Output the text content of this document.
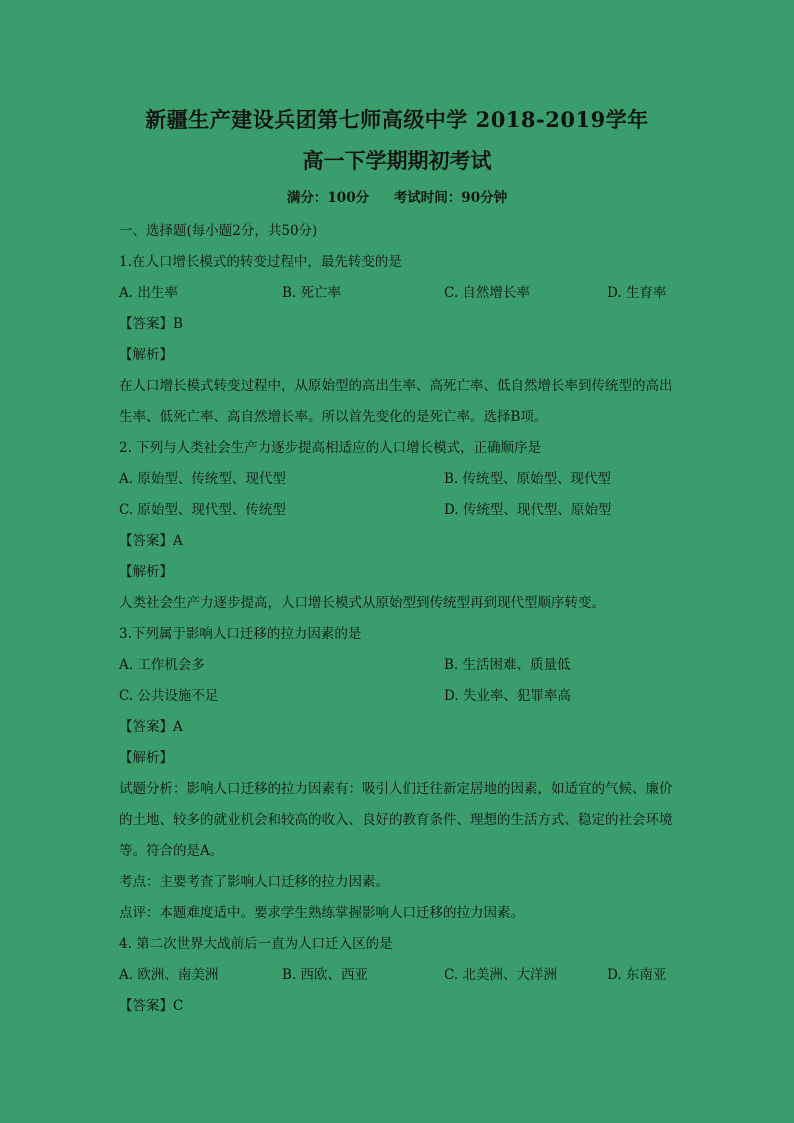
新疆生产建设兵团第七师高级中学 2018-2019学年
高一下学期期初考试
满分：100分 考试时间：90分钟
一、选择题(每小题2分，共50分)
1.在人口增长模式的转变过程中，最先转变的是
A. 出生率	B. 死亡率	C. 自然增长率	D. 生育率
【答案】B
【解析】
在人口增长模式转变过程中，从原始型的高出生率、高死亡率、低自然增长率到传统型的高出生率、低死亡率、高自然增长率。所以首先变化的是死亡率。选择B项。
2. 下列与人类社会生产力逐步提高相适应的人口增长模式，正确顺序是
A. 原始型、传统型、现代型	B. 传统型、原始型、现代型
C. 原始型、现代型、传统型	D. 传统型、现代型、原始型
【答案】A
【解析】
人类社会生产力逐步提高，人口增长模式从原始型到传统型再到现代型顺序转变。
3.下列属于影响人口迁移的拉力因素的是
A. 工作机会多	B. 生活困难、质量低
C. 公共设施不足	D. 失业率、犯罪率高
【答案】A
【解析】
试题分析：影响人口迁移的拉力因素有：吸引人们迁往新定居地的因素，如适宜的气候、廉价的土地、较多的就业机会和较高的收入、良好的教育条件、理想的生活方式、稳定的社会环境等。符合的是A。
考点：主要考查了影响人口迁移的拉力因素。
点评：本题难度适中。要求学生熟练掌握影响人口迁移的拉力因素。
4. 第二次世界大战前后一直为人口迁入区的是
A. 欧洲、南美洲	B. 西欧、西亚	C. 北美洲、大洋洲	D. 东南亚
【答案】C
